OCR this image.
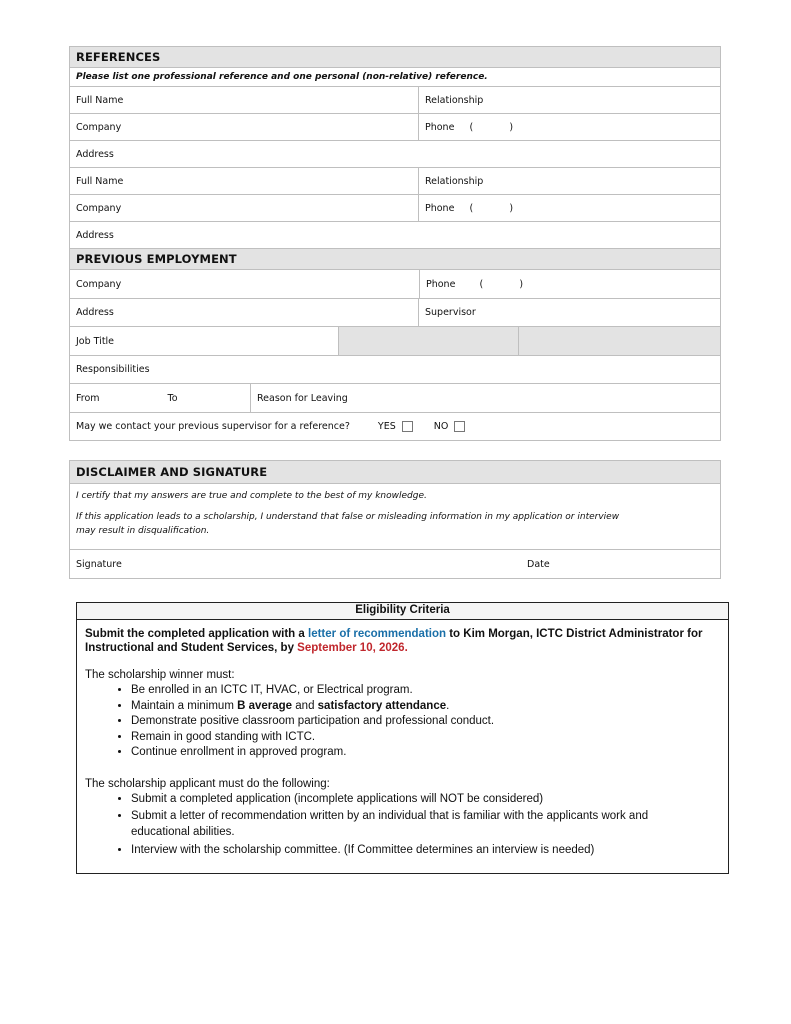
REFERENCES
Please list one professional reference and one personal (non-relative) reference.
Full Name	Relationship
Company	Phone (            )
Address
Full Name	Relationship
Company	Phone (            )
Address
PREVIOUS EMPLOYMENT
Company	Phone	(            )
Address	Supervisor
Job Title
Responsibilities
From	To	Reason for Leaving
May we contact your previous supervisor for a reference?	YES	NO
DISCLAIMER AND SIGNATURE
I certify that my answers are true and complete to the best of my knowledge.
If this application leads to a scholarship, I understand that false or misleading information in my application or interview
may result in disqualification.
Signature	Date
Eligibility Criteria

Submit the completed application with a letter of recommendation to Kim Morgan, ICTC District Administrator for Instructional and Student Services, by September 10, 2026.

The scholarship winner must:

• Be enrolled in an ICTC IT, HVAC, or Electrical program.
• Maintain a minimum B average and satisfactory attendance.
• Demonstrate positive classroom participation and professional conduct.
• Remain in good standing with ICTC.
• Continue enrollment in approved program.

The scholarship applicant must do the following:

• Submit a completed application (incomplete applications will NOT be considered)
• Submit a letter of recommendation written by an individual that is familiar with the applicants work and educational abilities.
• Interview with the scholarship committee. (If Committee determines an interview is needed)
